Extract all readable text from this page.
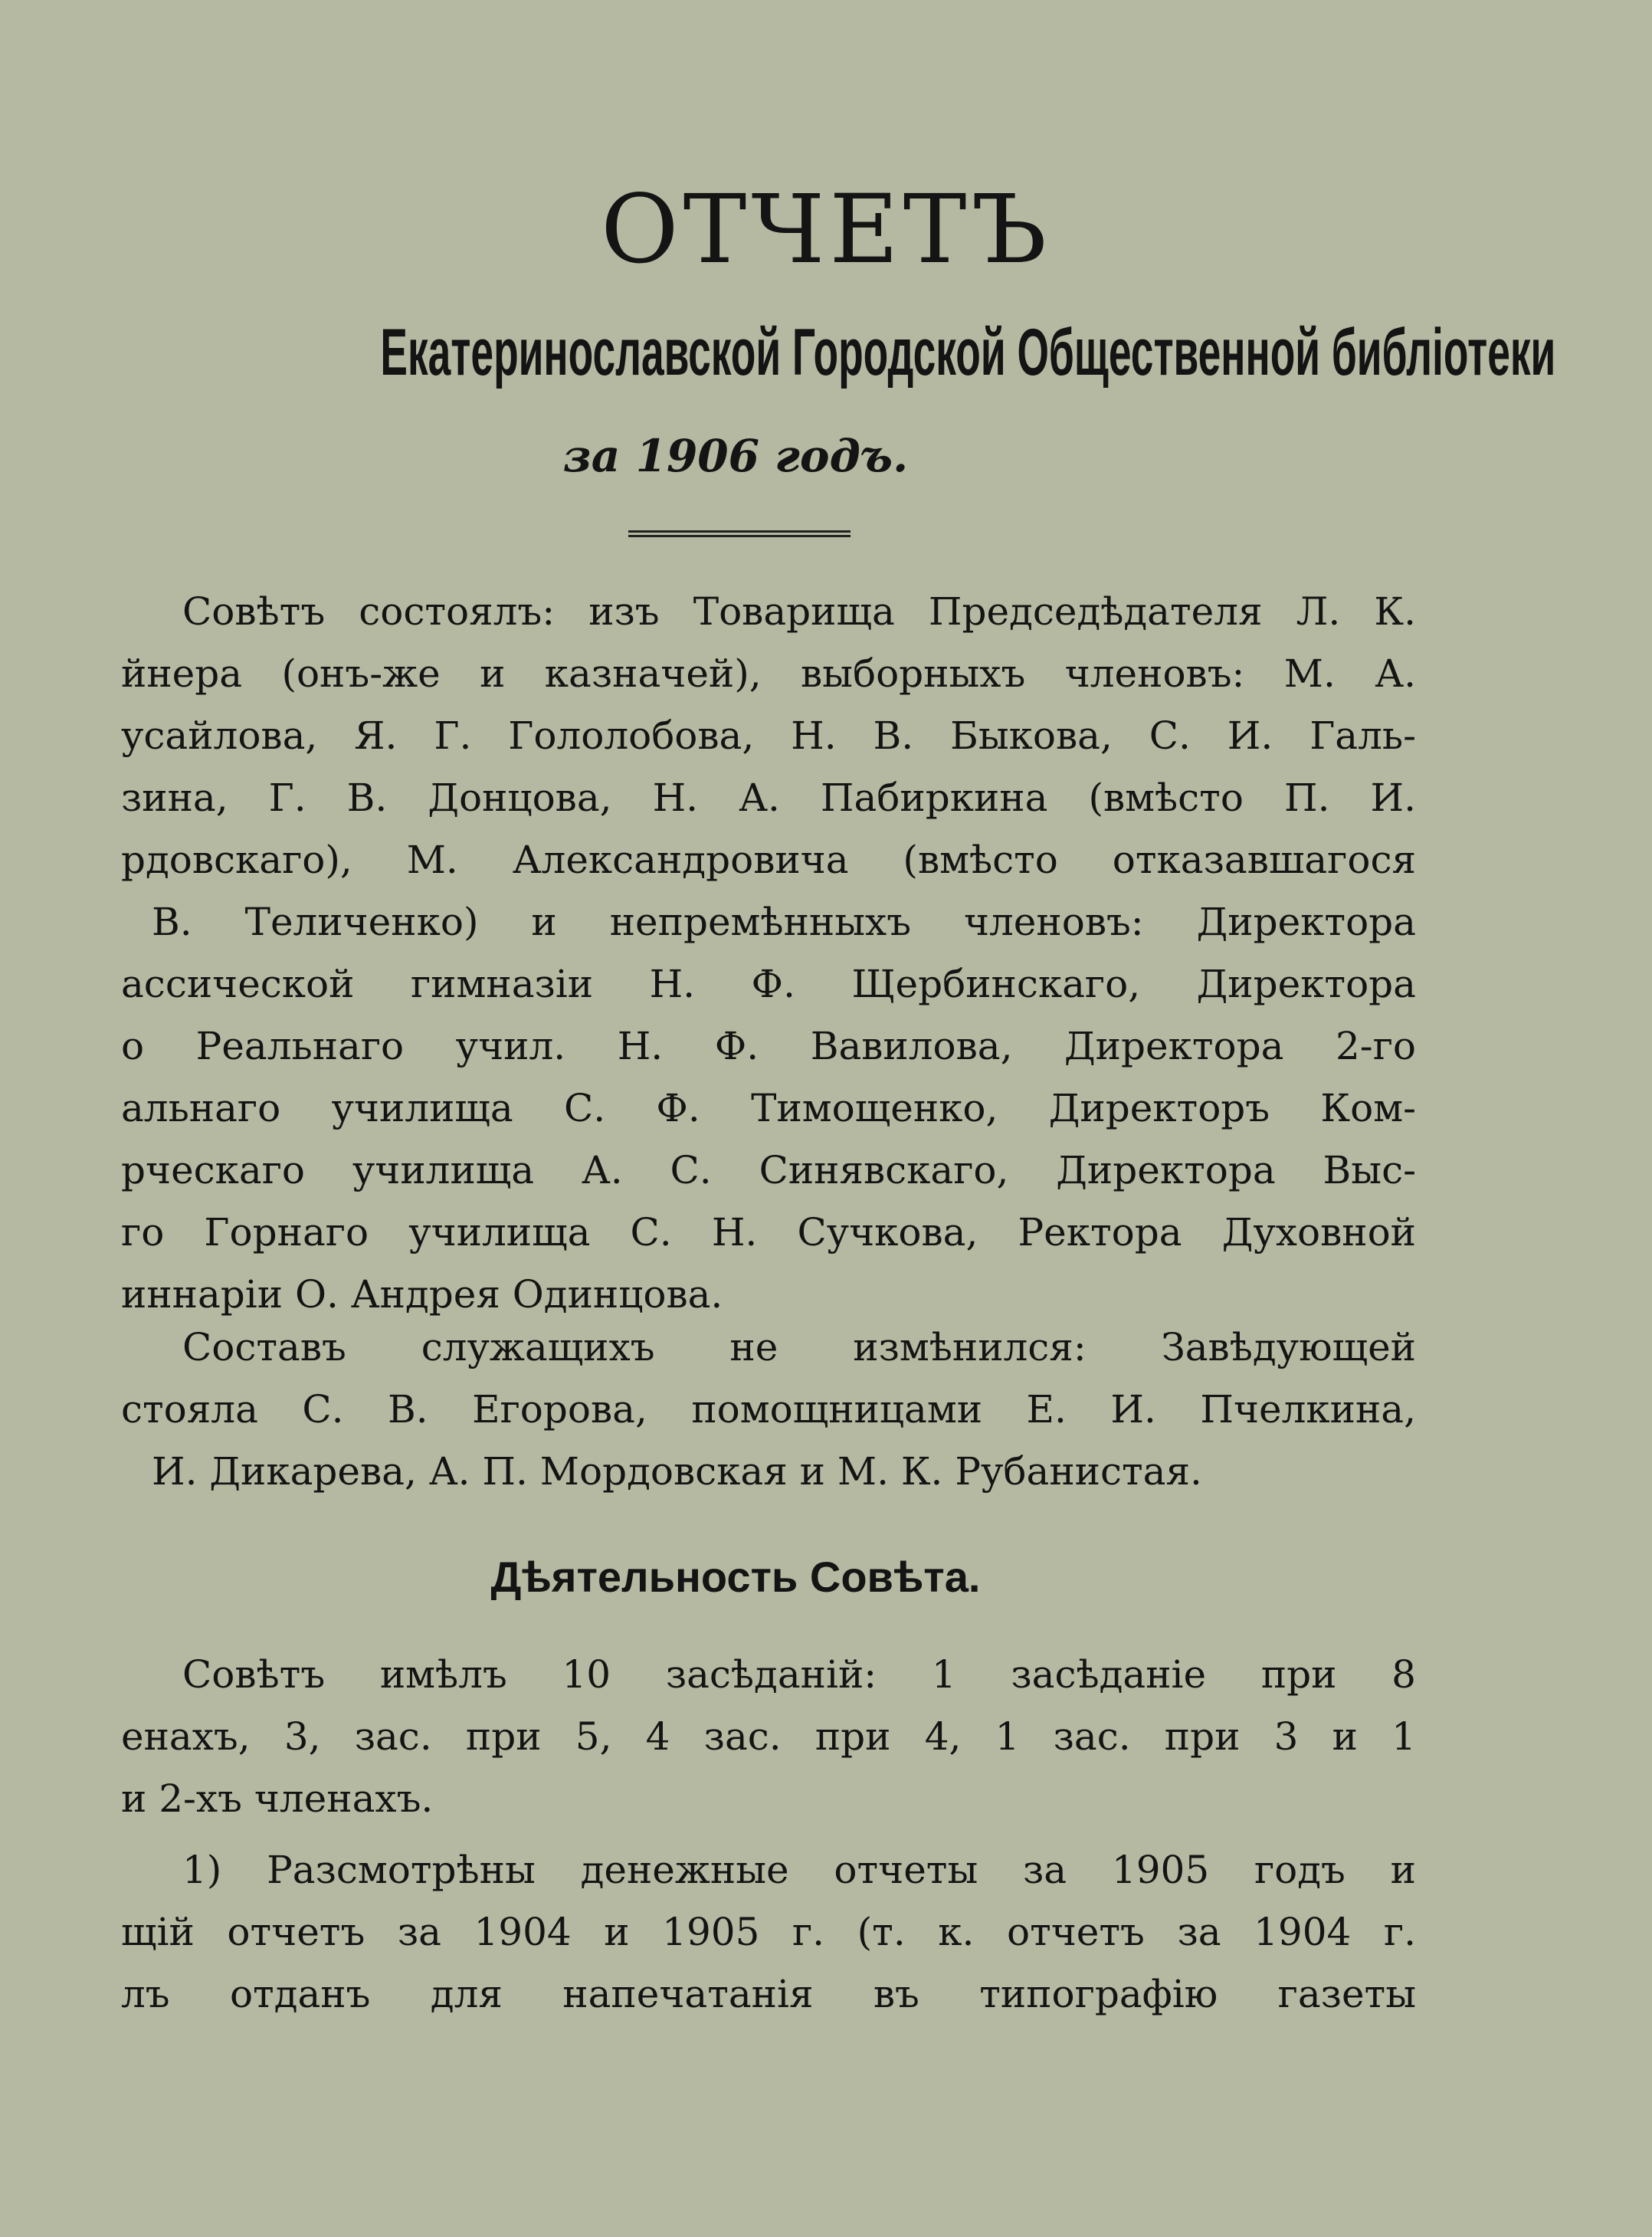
ОТЧЕТЪ
Екатеринославской Городской Общественной библіотеки
за 1906 годъ.
Совѣтъ состоялъ: изъ Товарища Председѣдателя Л. К.
йнера (онъ-же и казначей), выборныхъ членовъ: М. А.
усайлова, Я. Г. Гололобова, Н. В. Быкова, С. И. Галь-
зина, Г. В. Донцова, Н. А. Пабиркина (вмѣсто П. И.
рдовскаго), М. Александровича (вмѣсто отказавшагося
В. Теличенко) и непремѣнныхъ членовъ: Директора
ассической гимназіи Н. Ф. Щербинскаго, Директора
о Реальнаго учил. Н. Ф. Вавилова, Директора 2-го
альнаго училища С. Ф. Тимощенко, Директоръ Ком-
рческаго училища А. С. Синявскаго, Директора Выс-
го Горнаго училища С. Н. Сучкова, Ректора Духовной
иннаріи О. Андрея Одинцова.
Составъ служащихъ не измѣнился: Завѣдующей
стояла С. В. Егорова, помощницами Е. И. Пчелкина,
И. Дикарева, А. П. Мордовская и М. К. Рубанистая.
Дѣятельность Совѣта.
Совѣтъ имѣлъ 10 засѣданій: 1 засѣданіе при 8
енахъ, 3, зас. при 5, 4 зас. при 4, 1 зас. при 3 и 1
и 2-хъ членахъ.
1) Разсмотрѣны денежные отчеты за 1905 годъ и
щій отчетъ за 1904 и 1905 г. (т. к. отчетъ за 1904 г.
лъ отданъ для напечатанія въ типографію газеты
